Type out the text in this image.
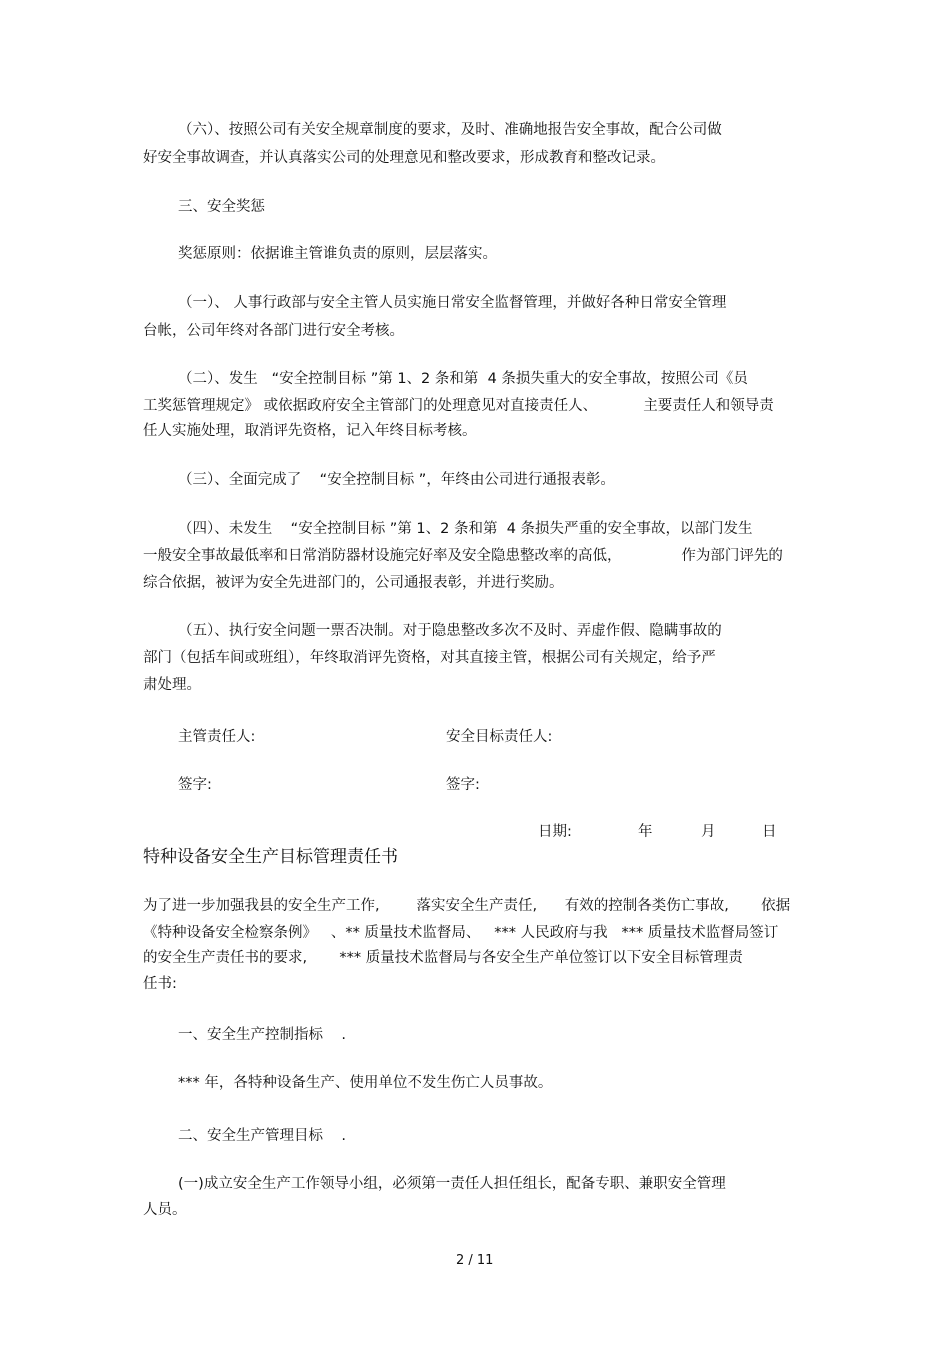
（六）、按照公司有关安全规章制度的要求，及时、准确地报告安全事故，配合公司做
好安全事故调查，并认真落实公司的处理意见和整改要求，形成教育和整改记录。
三、安全奖惩
奖惩原则：依据谁主管谁负责的原则，层层落实。
（一）、 人事行政部与安全主管人员实施日常安全监督管理，并做好各种日常安全管理
台帐，公司年终对各部门进行安全考核。
（二）、发生   “安全控制目标 ”第 1、2 条和第  4 条损失重大的安全事故，按照公司《员
工奖惩管理规定》 或依据政府安全主管部门的处理意见对直接责任人、          主要责任人和领导责
任人实施处理，取消评先资格，记入年终目标考核。
（三）、全面完成了    “安全控制目标 ”，年终由公司进行通报表彰。
（四）、未发生    “安全控制目标 ”第 1、2 条和第  4 条损失严重的安全事故，以部门发生
一般安全事故最低率和日常消防器材设施完好率及安全隐患整改率的高低，             作为部门评先的
综合依据，被评为安全先进部门的，公司通报表彰，并进行奖励。
（五）、执行安全问题一票否决制。对于隐患整改多次不及时、弄虚作假、隐瞒事故的
部门（包括车间或班组），年终取消评先资格，对其直接主管，根据公司有关规定，给予严
肃处理。
主管责任人:	安全目标责任人:
签字:	签字:
日期:	年	月	日
特种设备安全生产目标管理责任书
为了进一步加强我县的安全生产工作,        落实安全生产责任,      有效的控制各类伤亡事故,       依据
《特种设备安全检察条例》   、** 质量技术监督局、   *** 人民政府与我   *** 质量技术监督局签订
的安全生产责任书的要求,       *** 质量技术监督局与各安全生产单位签订以下安全目标管理责
任书:
一、安全生产控制指标    .
*** 年，各特种设备生产、使用单位不发生伤亡人员事故。
二、安全生产管理目标    .
(一)成立安全生产工作领导小组，必须第一责任人担任组长，配备专职、兼职安全管理
人员。
2 / 11
